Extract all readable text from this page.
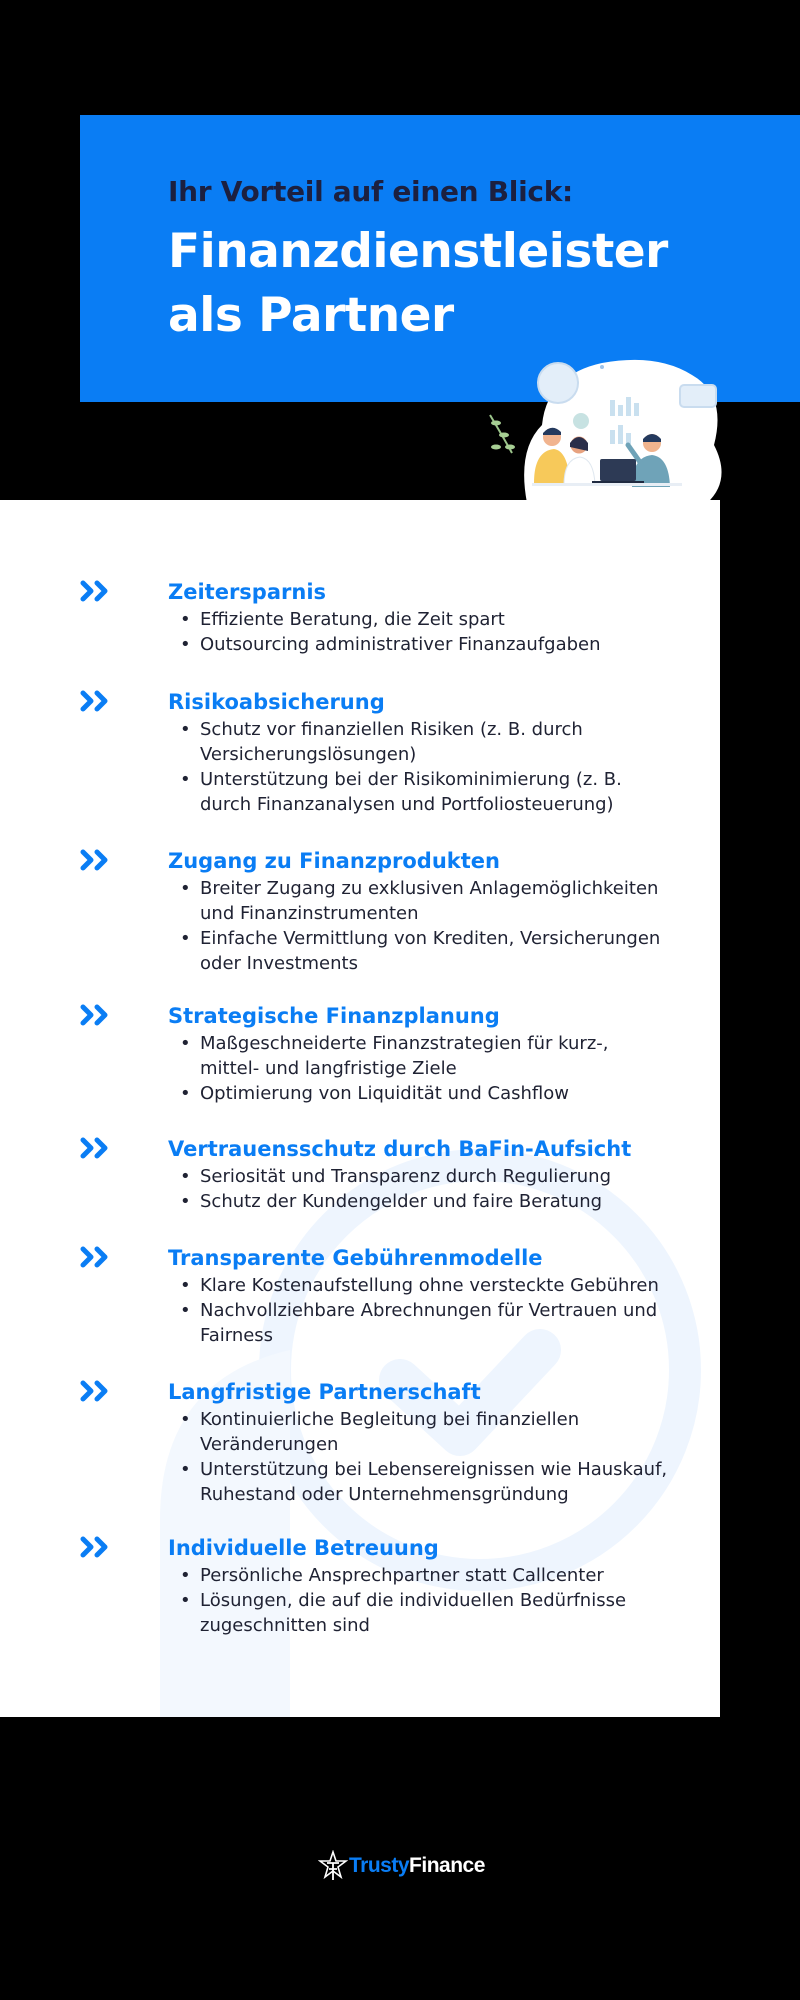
Ihr Vorteil auf einen Blick:
Finanzdienstleister
als Partner
Zeitersparnis
• Effiziente Beratung, die Zeit spart
• Outsourcing administrativer Finanzaufgaben
Risikoabsicherung
• Schutz vor finanziellen Risiken (z. B. durch Versicherungslösungen)
• Unterstützung bei der Risikominimierung (z. B. durch Finanzanalysen und Portfoliosteuerung)
Zugang zu Finanzprodukten
• Breiter Zugang zu exklusiven Anlagemöglichkeiten und Finanzinstrumenten
• Einfache Vermittlung von Krediten, Versicherungen oder Investments
Strategische Finanzplanung
• Maßgeschneiderte Finanzstrategien für kurz-, mittel- und langfristige Ziele
• Optimierung von Liquidität und Cashflow
Vertrauensschutz durch BaFin-Aufsicht
• Seriosität und Transparenz durch Regulierung
• Schutz der Kundengelder und faire Beratung
Transparente Gebührenmodelle
• Klare Kostenaufstellung ohne versteckte Gebühren
• Nachvollziehbare Abrechnungen für Vertrauen und Fairness
Langfristige Partnerschaft
• Kontinuierliche Begleitung bei finanziellen Veränderungen
• Unterstützung bei Lebensereignissen wie Hauskauf, Ruhestand oder Unternehmensgründung
Individuelle Betreuung
• Persönliche Ansprechpartner statt Callcenter
• Lösungen, die auf die individuellen Bedürfnisse zugeschnitten sind
TrustyFinance
